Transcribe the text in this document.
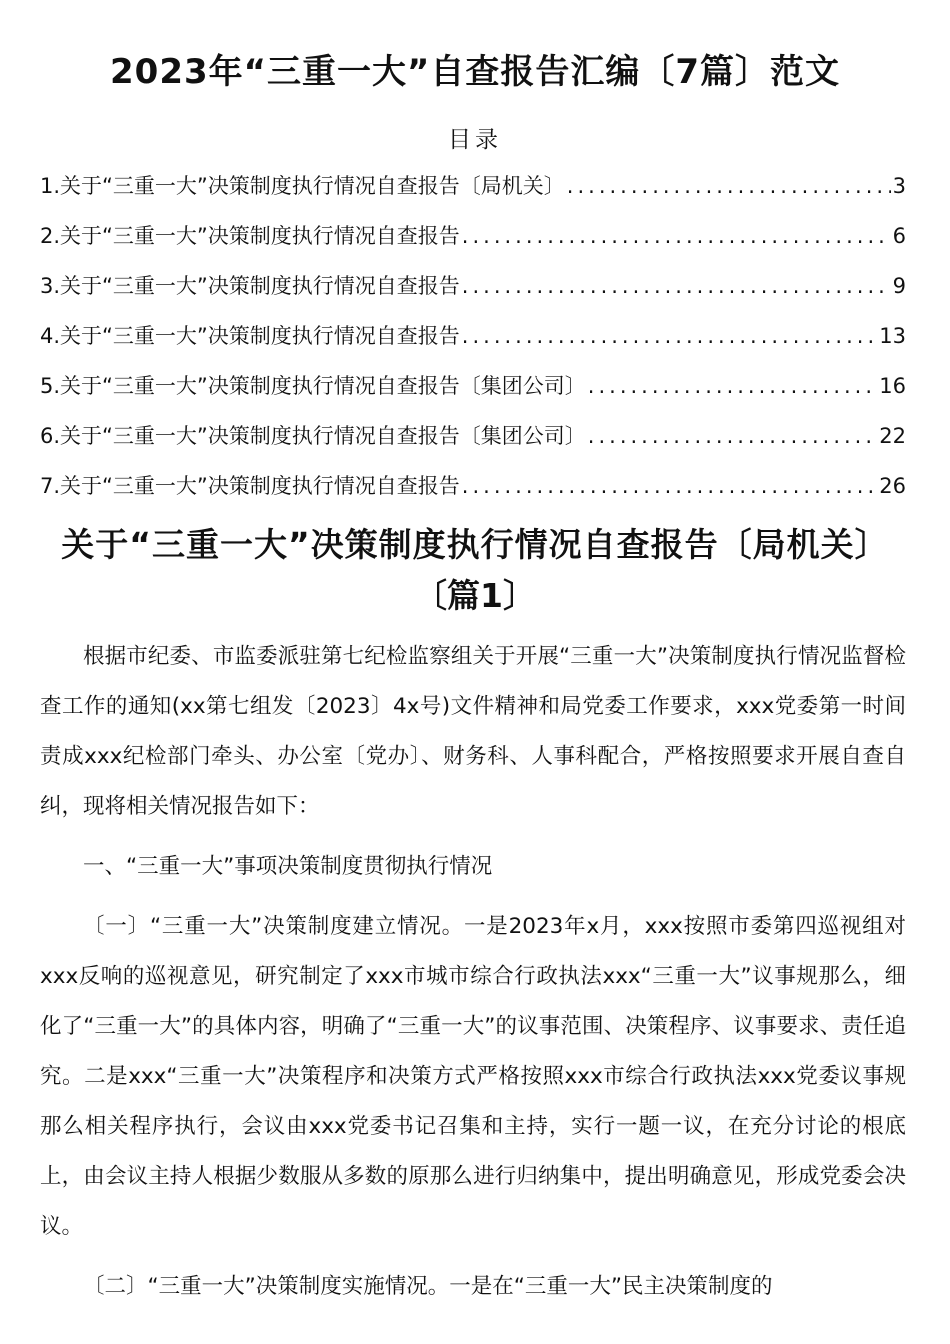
2023年“三重一大”自查报告汇编〔7篇〕范文
目录
1.关于“三重一大”决策制度执行情况自查报告〔局机关〕 .....	3
2.关于“三重一大”决策制度执行情况自查报告 .....	6
3.关于“三重一大”决策制度执行情况自查报告 .....	9
4.关于“三重一大”决策制度执行情况自查报告 .....	13
5.关于“三重一大”决策制度执行情况自查报告〔集团公司〕 .....	16
6.关于“三重一大”决策制度执行情况自查报告〔集团公司〕 .....	22
7.关于“三重一大”决策制度执行情况自查报告 .....	26
关于“三重一大”决策制度执行情况自查报告〔局机关〕
〔篇1〕

根据市纪委、市监委派驻第七纪检监察组关于开展“三重一大”决策制度执行情况监督检查工作的通知(xx第七组发〔2023〕4x号)文件精神和局党委工作要求，xxx党委第一时间责成xxx纪检部门牵头、办公室〔党办〕、财务科、人事科配合，严格按照要求开展自查自纠，现将相关情况报告如下：

一、“三重一大”事项决策制度贯彻执行情况

〔一〕“三重一大”决策制度建立情况。一是2023年x月，xxx按照市委第四巡视组对xxx反响的巡视意见，研究制定了xxx市城市综合行政执法xxx“三重一大”议事规那么，细化了“三重一大”的具体内容，明确了“三重一大”的议事范围、决策程序、议事要求、责任追究。二是xxx“三重一大”决策程序和决策方式严格按照xxx市综合行政执法xxx党委议事规那么相关程序执行，会议由xxx党委书记召集和主持，实行一题一议，在充分讨论的根底上，由会议主持人根据少数服从多数的原那么进行归纳集中，提出明确意见，形成党委会决议。

〔二〕“三重一大”决策制度实施情况。一是在“三重一大”民主决策制度的
